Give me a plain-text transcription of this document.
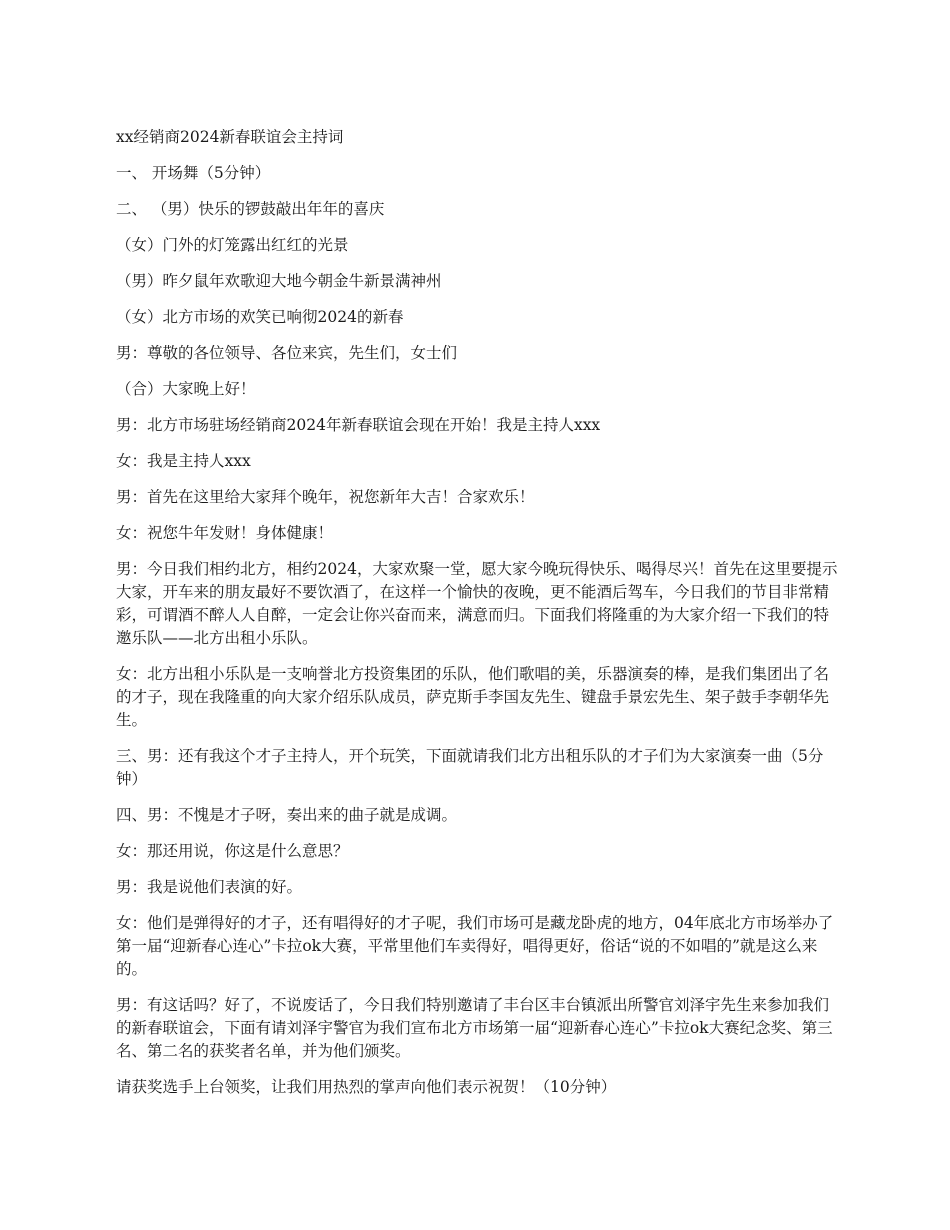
xx经销商2024新春联谊会主持词

一、 开场舞（5分钟）

二、 （男）快乐的锣鼓敲出年年的喜庆

（女）门外的灯笼露出红红的光景

（男）昨夕鼠年欢歌迎大地今朝金牛新景满神州

（女）北方市场的欢笑已响彻2024的新春

男：尊敬的各位领导、各位来宾，先生们，女士们

（合）大家晚上好！

男：北方市场驻场经销商2024年新春联谊会现在开始！我是主持人xxx

女：我是主持人xxx

男：首先在这里给大家拜个晚年，祝您新年大吉！合家欢乐！

女：祝您牛年发财！身体健康！

男：今日我们相约北方，相约2024，大家欢聚一堂，愿大家今晚玩得快乐、喝得尽兴！首先在这里要提示大家，开车来的朋友最好不要饮酒了，在这样一个愉快的夜晚，更不能酒后驾车，今日我们的节目非常精彩，可谓酒不醉人人自醉，一定会让你兴奋而来，满意而归。下面我们将隆重的为大家介绍一下我们的特邀乐队——北方出租小乐队。

女：北方出租小乐队是一支响誉北方投资集团的乐队，他们歌唱的美，乐器演奏的棒，是我们集团出了名的才子，现在我隆重的向大家介绍乐队成员，萨克斯手李国友先生、键盘手景宏先生、架子鼓手李朝华先生。

三、男：还有我这个才子主持人，开个玩笑，下面就请我们北方出租乐队的才子们为大家演奏一曲（5分钟）

四、男：不愧是才子呀，奏出来的曲子就是成调。

女：那还用说，你这是什么意思？

男：我是说他们表演的好。

女：他们是弹得好的才子，还有唱得好的才子呢，我们市场可是藏龙卧虎的地方，04年底北方市场举办了第一届“迎新春心连心”卡拉ok大赛，平常里他们车卖得好，唱得更好，俗话“说的不如唱的”就是这么来的。

男：有这话吗？好了，不说废话了，今日我们特别邀请了丰台区丰台镇派出所警官刘泽宇先生来参加我们的新春联谊会，下面有请刘泽宇警官为我们宣布北方市场第一届“迎新春心连心”卡拉ok大赛纪念奖、第三名、第二名的获奖者名单，并为他们颁奖。

请获奖选手上台领奖，让我们用热烈的掌声向他们表示祝贺！（10分钟）
